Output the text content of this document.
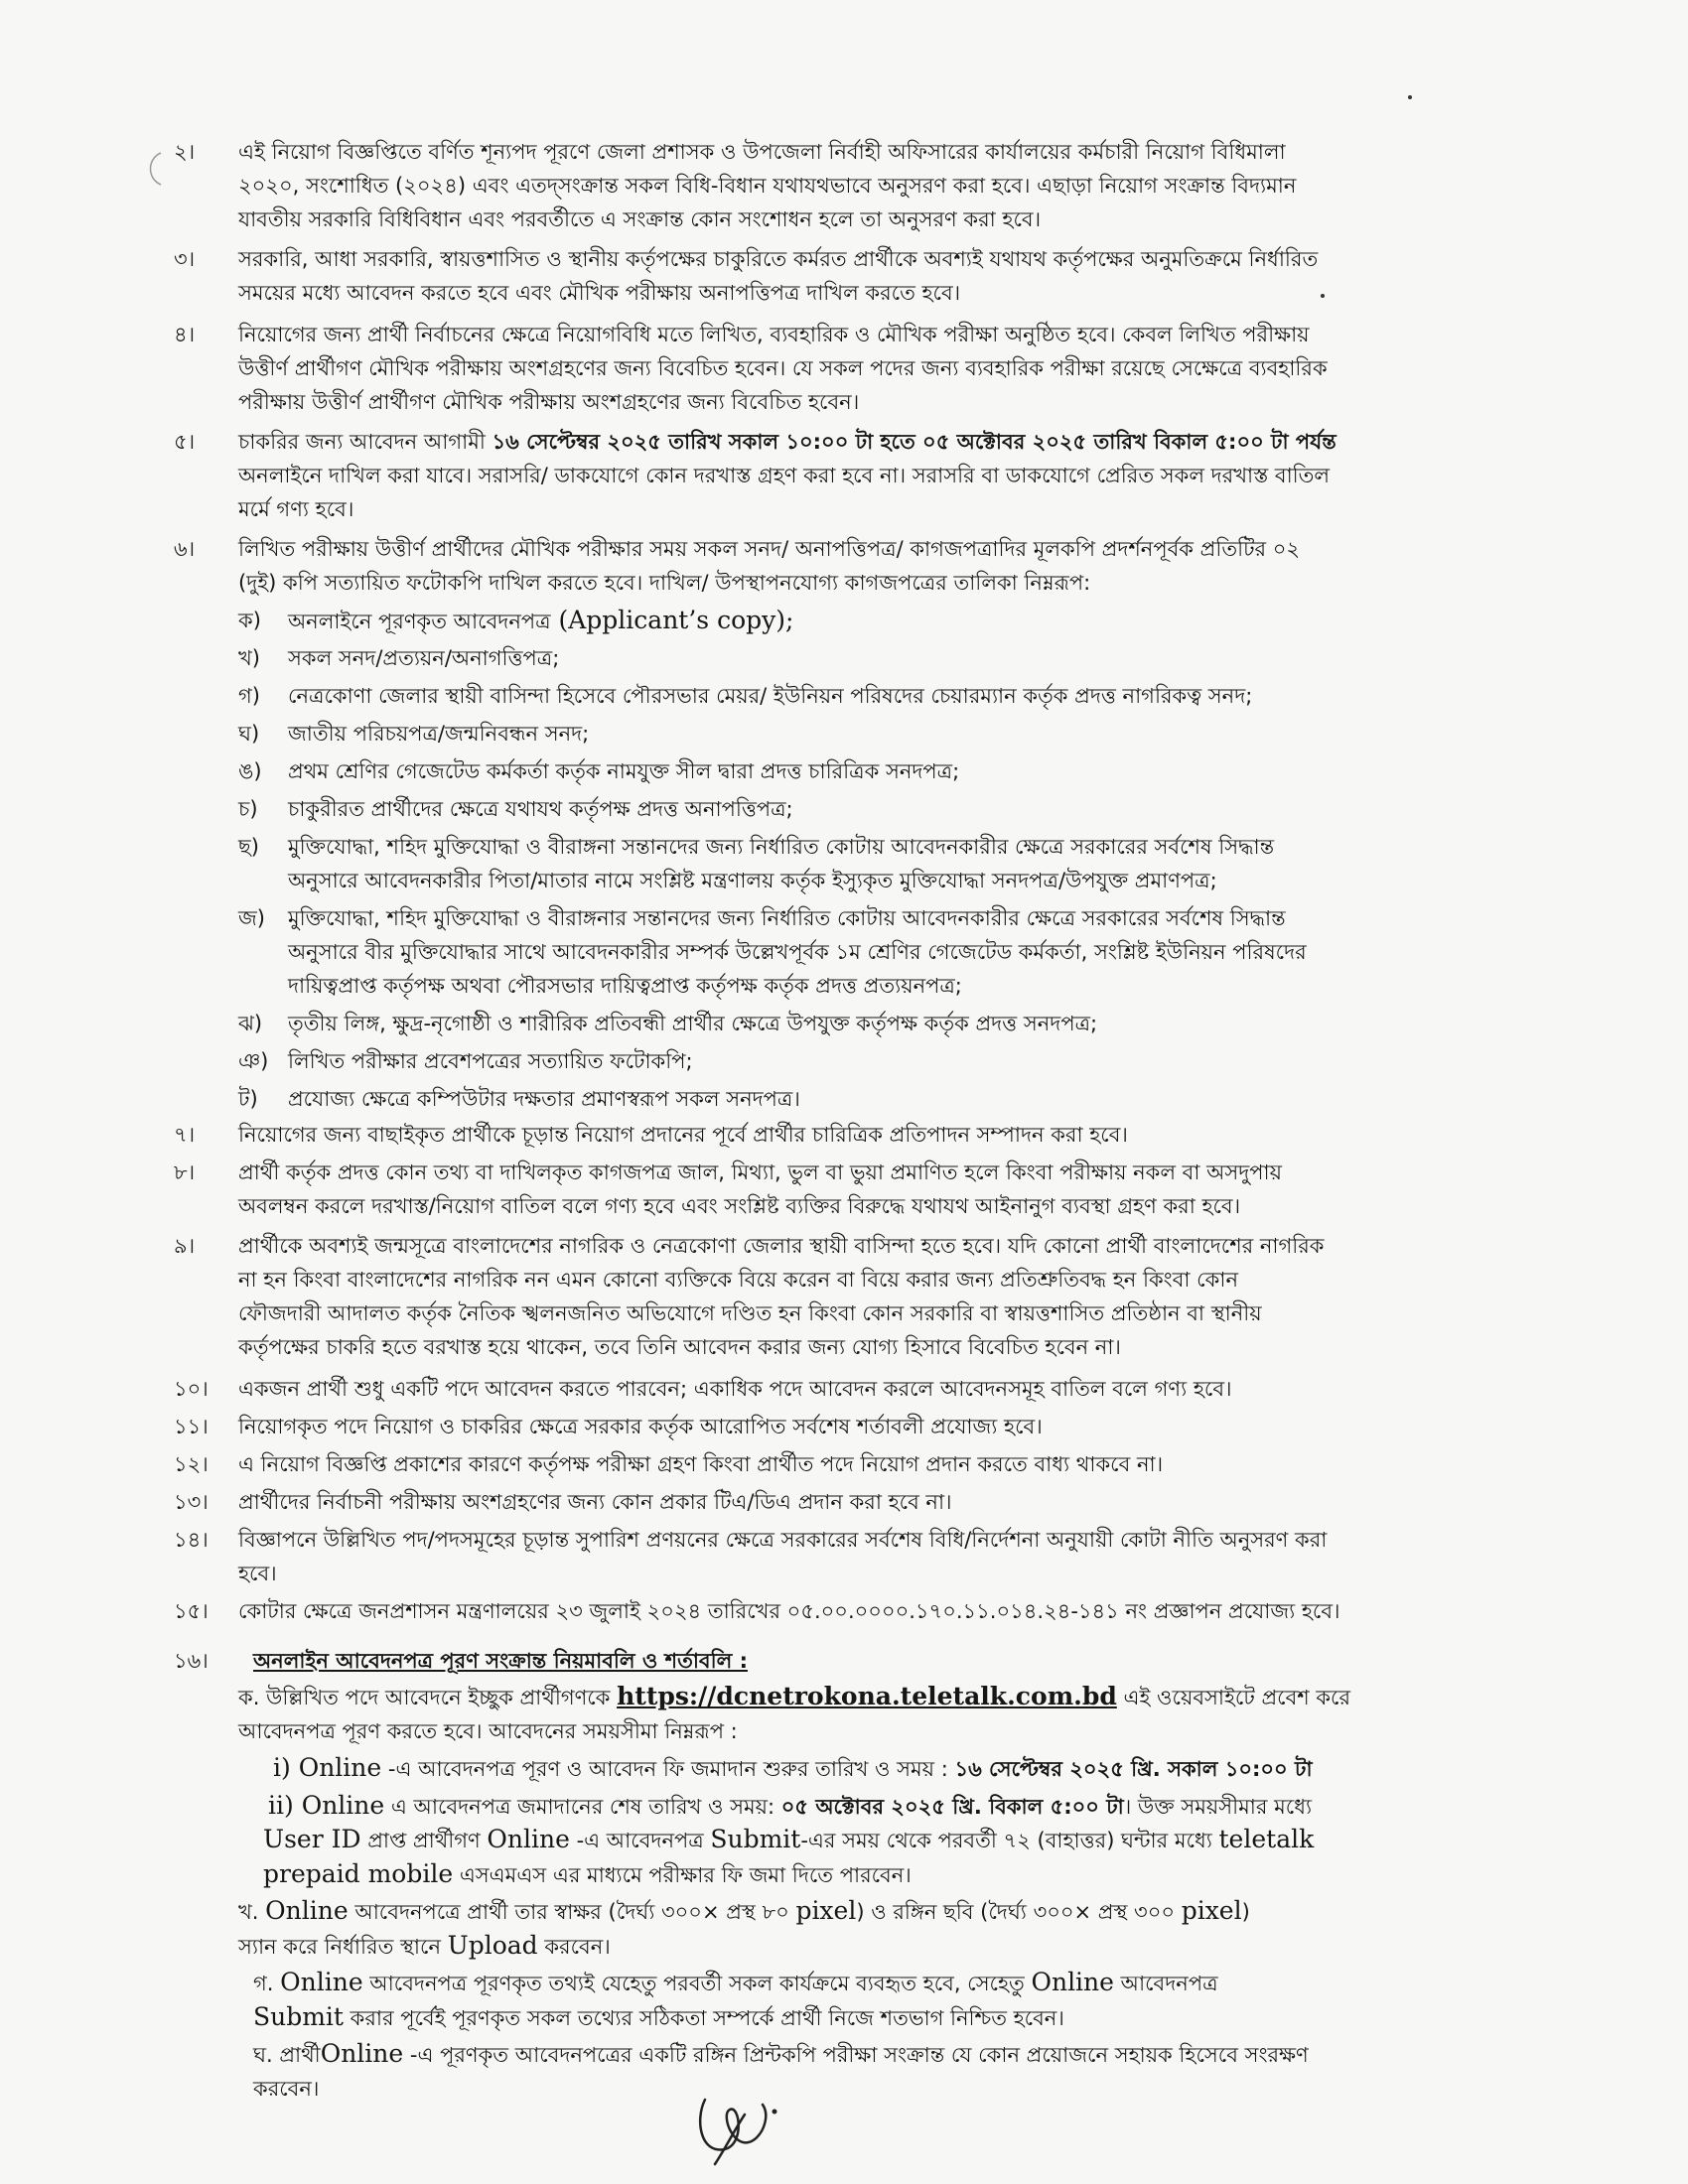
২।	এই নিয়োগ বিজ্ঞপ্তিতে বর্ণিত শূন্যপদ পূরণে জেলা প্রশাসক ও উপজেলা নির্বাহী অফিসারের কার্যালয়ের কর্মচারী নিয়োগ বিধিমালা
২০২০, সংশোধিত (২০২৪) এবং এতদ্সংক্রান্ত সকল বিধি-বিধান যথাযথভাবে অনুসরণ করা হবে। এছাড়া নিয়োগ সংক্রান্ত বিদ্যমান
যাবতীয় সরকারি বিধিবিধান এবং পরবর্তীতে এ সংক্রান্ত কোন সংশোধন হলে তা অনুসরণ করা হবে।
৩।	সরকারি, আধা সরকারি, স্বায়ত্তশাসিত ও স্থানীয় কর্তৃপক্ষের চাকুরিতে কর্মরত প্রার্থীকে অবশ্যই যথাযথ কর্তৃপক্ষের অনুমতিক্রমে নির্ধারিত
সময়ের মধ্যে আবেদন করতে হবে এবং মৌখিক পরীক্ষায় অনাপত্তিপত্র দাখিল করতে হবে।
৪।	নিয়োগের জন্য প্রার্থী নির্বাচনের ক্ষেত্রে নিয়োগবিধি মতে লিখিত, ব্যবহারিক ও মৌখিক পরীক্ষা অনুষ্ঠিত হবে। কেবল লিখিত পরীক্ষায়
উত্তীর্ণ প্রার্থীগণ মৌখিক পরীক্ষায় অংশগ্রহণের জন্য বিবেচিত হবেন। যে সকল পদের জন্য ব্যবহারিক পরীক্ষা রয়েছে সেক্ষেত্রে ব্যবহারিক
পরীক্ষায় উত্তীর্ণ প্রার্থীগণ মৌখিক পরীক্ষায় অংশগ্রহণের জন্য বিবেচিত হবেন।
৫।	চাকরির জন্য আবেদন আগামী ১৬ সেপ্টেম্বর ২০২৫ তারিখ সকাল ১০:০০ টা হতে ০৫ অক্টোবর ২০২৫ তারিখ বিকাল ৫:০০ টা পর্যন্ত
অনলাইনে দাখিল করা যাবে। সরাসরি/ ডাকযোগে কোন দরখাস্ত গ্রহণ করা হবে না। সরাসরি বা ডাকযোগে প্রেরিত সকল দরখাস্ত বাতিল
মর্মে গণ্য হবে।
৬।	লিখিত পরীক্ষায় উত্তীর্ণ প্রার্থীদের মৌখিক পরীক্ষার সময় সকল সনদ/ অনাপত্তিপত্র/ কাগজপত্রাদির মূলকপি প্রদর্শনপূর্বক প্রতিটির ০২
(দুই) কপি সত্যায়িত ফটোকপি দাখিল করতে হবে। দাখিল/ উপস্থাপনযোগ্য কাগজপত্রের তালিকা নিম্নরূপ:
ক)	অনলাইনে পূরণকৃত আবেদনপত্র (Applicant’s copy);
খ)	সকল সনদ/প্রত্যয়ন/অনাগত্তিপত্র;
গ)	নেত্রকোণা জেলার স্থায়ী বাসিন্দা হিসেবে পৌরসভার মেয়র/ ইউনিয়ন পরিষদের চেয়ারম্যান কর্তৃক প্রদত্ত নাগরিকত্ব সনদ;
ঘ)	জাতীয় পরিচয়পত্র/জন্মনিবন্ধন সনদ;
ঙ)	প্রথম শ্রেণির গেজেটেড কর্মকর্তা কর্তৃক নামযুক্ত সীল দ্বারা প্রদত্ত চারিত্রিক সনদপত্র;
চ)	চাকুরীরত প্রার্থীদের ক্ষেত্রে যথাযথ কর্তৃপক্ষ প্রদত্ত অনাপত্তিপত্র;
ছ)	মুক্তিযোদ্ধা, শহিদ মুক্তিযোদ্ধা ও বীরাঙ্গনা সন্তানদের জন্য নির্ধারিত কোটায় আবেদনকারীর ক্ষেত্রে সরকারের সর্বশেষ সিদ্ধান্ত
অনুসারে আবেদনকারীর পিতা/মাতার নামে সংশ্লিষ্ট মন্ত্রণালয় কর্তৃক ইস্যুকৃত মুক্তিযোদ্ধা সনদপত্র/উপযুক্ত প্রমাণপত্র;
জ)	মুক্তিযোদ্ধা, শহিদ মুক্তিযোদ্ধা ও বীরাঙ্গনার সন্তানদের জন্য নির্ধারিত কোটায় আবেদনকারীর ক্ষেত্রে সরকারের সর্বশেষ সিদ্ধান্ত
অনুসারে বীর মুক্তিযোদ্ধার সাথে আবেদনকারীর সম্পর্ক উল্লেখপূর্বক ১ম শ্রেণির গেজেটেড কর্মকর্তা, সংশ্লিষ্ট ইউনিয়ন পরিষদের
দায়িত্বপ্রাপ্ত কর্তৃপক্ষ অথবা পৌরসভার দায়িত্বপ্রাপ্ত কর্তৃপক্ষ কর্তৃক প্রদত্ত প্রত্যয়নপত্র;
ঝ)	তৃতীয় লিঙ্গ, ক্ষুদ্র-নৃগোষ্ঠী ও শারীরিক প্রতিবন্ধী প্রার্থীর ক্ষেত্রে উপযুক্ত কর্তৃপক্ষ কর্তৃক প্রদত্ত সনদপত্র;
ঞ) লিখিত পরীক্ষার প্রবেশপত্রের সত্যায়িত ফটোকপি;
ট)	প্রযোজ্য ক্ষেত্রে কম্পিউটার দক্ষতার প্রমাণস্বরূপ সকল সনদপত্র।
৭।	নিয়োগের জন্য বাছাইকৃত প্রার্থীকে চূড়ান্ত নিয়োগ প্রদানের পূর্বে প্রার্থীর চারিত্রিক প্রতিপাদন সম্পাদন করা হবে।
৮।	প্রার্থী কর্তৃক প্রদত্ত কোন তথ্য বা দাখিলকৃত কাগজপত্র জাল, মিথ্যা, ভুল বা ভুয়া প্রমাণিত হলে কিংবা পরীক্ষায় নকল বা অসদুপায়
অবলম্বন করলে দরখাস্ত/নিয়োগ বাতিল বলে গণ্য হবে এবং সংশ্লিষ্ট ব্যক্তির বিরুদ্ধে যথাযথ আইনানুগ ব্যবস্থা গ্রহণ করা হবে।
৯।	প্রার্থীকে অবশ্যই জন্মসূত্রে বাংলাদেশের নাগরিক ও নেত্রকোণা জেলার স্থায়ী বাসিন্দা হতে হবে। যদি কোনো প্রার্থী বাংলাদেশের নাগরিক
না হন কিংবা বাংলাদেশের নাগরিক নন এমন কোনো ব্যক্তিকে বিয়ে করেন বা বিয়ে করার জন্য প্রতিশ্রুতিবদ্ধ হন কিংবা কোন
ফৌজদারী আদালত কর্তৃক নৈতিক স্খলনজনিত অভিযোগে দণ্ডিত হন কিংবা কোন সরকারি বা স্বায়ত্তশাসিত প্রতিষ্ঠান বা স্থানীয়
কর্তৃপক্ষের চাকরি হতে বরখাস্ত হয়ে থাকেন, তবে তিনি আবেদন করার জন্য যোগ্য হিসাবে বিবেচিত হবেন না।
১০।	একজন প্রার্থী শুধু একটি পদে আবেদন করতে পারবেন; একাধিক পদে আবেদন করলে আবেদনসমূহ বাতিল বলে গণ্য হবে।
১১।	নিয়োগকৃত পদে নিয়োগ ও চাকরির ক্ষেত্রে সরকার কর্তৃক আরোপিত সর্বশেষ শর্তাবলী প্রযোজ্য হবে।
১২।	এ নিয়োগ বিজ্ঞপ্তি প্রকাশের কারণে কর্তৃপক্ষ পরীক্ষা গ্রহণ কিংবা প্রার্থীত পদে নিয়োগ প্রদান করতে বাধ্য থাকবে না।
১৩।	প্রার্থীদের নির্বাচনী পরীক্ষায় অংশগ্রহণের জন্য কোন প্রকার টিএ/ডিএ প্রদান করা হবে না।
১৪।	বিজ্ঞাপনে উল্লিখিত পদ/পদসমূহের চূড়ান্ত সুপারিশ প্রণয়নের ক্ষেত্রে সরকারের সর্বশেষ বিধি/নির্দেশনা অনুযায়ী কোটা নীতি অনুসরণ করা
হবে।
১৫।	কোটার ক্ষেত্রে জনপ্রশাসন মন্ত্রণালয়ের ২৩ জুলাই ২০২৪ তারিখের ০৫.০০.০০০০.১৭০.১১.০১৪.২৪-১৪১ নং প্রজ্ঞাপন প্রযোজ্য হবে।
১৬।	অনলাইন আবেদনপত্র পূরণ সংক্রান্ত নিয়মাবলি ও শর্তাবলি :
ক. উল্লিখিত পদে আবেদনে ইচ্ছুক প্রার্থীগণকে https://dcnetrokona.teletalk.com.bd এই ওয়েবসাইটে প্রবেশ করে
আবেদনপত্র পূরণ করতে হবে। আবেদনের সময়সীমা নিম্নরূপ :
i) Online -এ আবেদনপত্র পূরণ ও আবেদন ফি জমাদান শুরুর তারিখ ও সময় : ১৬ সেপ্টেম্বর ২০২৫ খ্রি. সকাল ১০:০০ টা
ii) Online এ আবেদনপত্র জমাদানের শেষ তারিখ ও সময়: ০৫ অক্টোবর ২০২৫ খ্রি. বিকাল ৫:০০ টা। উক্ত সময়সীমার মধ্যে
User ID প্রাপ্ত প্রার্থীগণ Online -এ আবেদনপত্র Submit-এর সময় থেকে পরবর্তী ৭২ (বাহাত্তর) ঘন্টার মধ্যে teletalk
prepaid mobile এসএমএস এর মাধ্যমে পরীক্ষার ফি জমা দিতে পারবেন।
খ. Online আবেদনপত্রে প্রার্থী তার স্বাক্ষর (দৈর্ঘ্য ৩০০× প্রস্থ ৮০ pixel) ও রঙ্গিন ছবি (দৈর্ঘ্য ৩০০× প্রস্থ ৩০০ pixel)
স্যান করে নির্ধারিত স্থানে Upload করবেন।
গ. Online আবেদনপত্র পূরণকৃত তথ্যই যেহেতু পরবর্তী সকল কার্যক্রমে ব্যবহৃত হবে, সেহেতু Online আবেদনপত্র
Submit করার পূর্বেই পূরণকৃত সকল তথ্যের সঠিকতা সম্পর্কে প্রার্থী নিজে শতভাগ নিশ্চিত হবেন।
ঘ. প্রার্থীOnline -এ পূরণকৃত আবেদনপত্রের একটি রঙ্গিন প্রিন্টকপি পরীক্ষা সংক্রান্ত যে কোন প্রয়োজনে সহায়ক হিসেবে সংরক্ষণ
করবেন।
